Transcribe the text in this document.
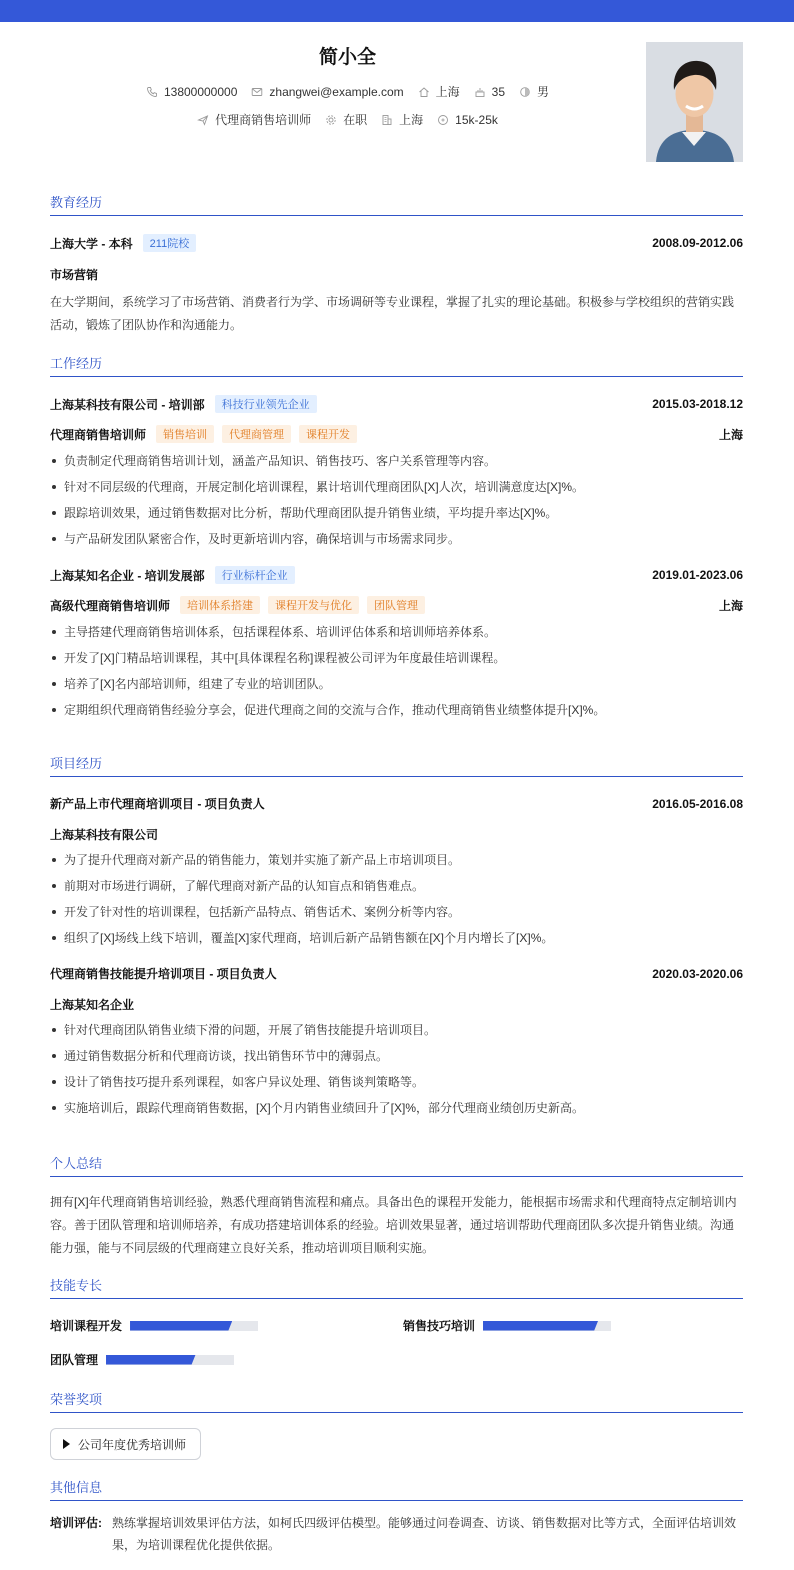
简小全
13800000000	zhangwei@example.com	上海	35	男
代理商销售培训师	在职	上海	15k-25k
教育经历
上海大学 - 本科	211院校	2008.09-2012.06
市场营销
在大学期间，系统学习了市场营销、消费者行为学、市场调研等专业课程，掌握了扎实的理论基础。积极参与学校组织的营销实践活动，锻炼了团队协作和沟通能力。
工作经历
上海某科技有限公司 - 培训部	科技行业领先企业	2015.03-2018.12
代理商销售培训师	销售培训	代理商管理	课程开发	上海
负责制定代理商销售培训计划，涵盖产品知识、销售技巧、客户关系管理等内容。
针对不同层级的代理商，开展定制化培训课程，累计培训代理商团队[X]人次，培训满意度达[X]%。
跟踪培训效果，通过销售数据对比分析，帮助代理商团队提升销售业绩，平均提升率达[X]%。
与产品研发团队紧密合作，及时更新培训内容，确保培训与市场需求同步。
上海某知名企业 - 培训发展部	行业标杆企业	2019.01-2023.06
高级代理商销售培训师	培训体系搭建	课程开发与优化	团队管理	上海
主导搭建代理商销售培训体系，包括课程体系、培训评估体系和培训师培养体系。
开发了[X]门精品培训课程，其中[具体课程名称]课程被公司评为年度最佳培训课程。
培养了[X]名内部培训师，组建了专业的培训团队。
定期组织代理商销售经验分享会，促进代理商之间的交流与合作，推动代理商销售业绩整体提升[X]%。
项目经历
新产品上市代理商培训项目 - 项目负责人	2016.05-2016.08
上海某科技有限公司
为了提升代理商对新产品的销售能力，策划并实施了新产品上市培训项目。
前期对市场进行调研，了解代理商对新产品的认知盲点和销售难点。
开发了针对性的培训课程，包括新产品特点、销售话术、案例分析等内容。
组织了[X]场线上线下培训，覆盖[X]家代理商，培训后新产品销售额在[X]个月内增长了[X]%。
代理商销售技能提升培训项目 - 项目负责人	2020.03-2020.06
上海某知名企业
针对代理商团队销售业绩下滑的问题，开展了销售技能提升培训项目。
通过销售数据分析和代理商访谈，找出销售环节中的薄弱点。
设计了销售技巧提升系列课程，如客户异议处理、销售谈判策略等。
实施培训后，跟踪代理商销售数据，[X]个月内销售业绩回升了[X]%，部分代理商业绩创历史新高。
个人总结
拥有[X]年代理商销售培训经验，熟悉代理商销售流程和痛点。具备出色的课程开发能力，能根据市场需求和代理商特点定制培训内容。善于团队管理和培训师培养，有成功搭建培训体系的经验。培训效果显著，通过培训帮助代理商团队多次提升销售业绩。沟通能力强，能与不同层级的代理商建立良好关系，推动培训项目顺利实施。
技能专长
培训课程开发	销售技巧培训
团队管理
荣誉奖项
公司年度优秀培训师
其他信息
培训评估: 熟练掌握培训效果评估方法，如柯氏四级评估模型。能够通过问卷调查、访谈、销售数据对比等方式，全面评估培训效果，为培训课程优化提供依据。
